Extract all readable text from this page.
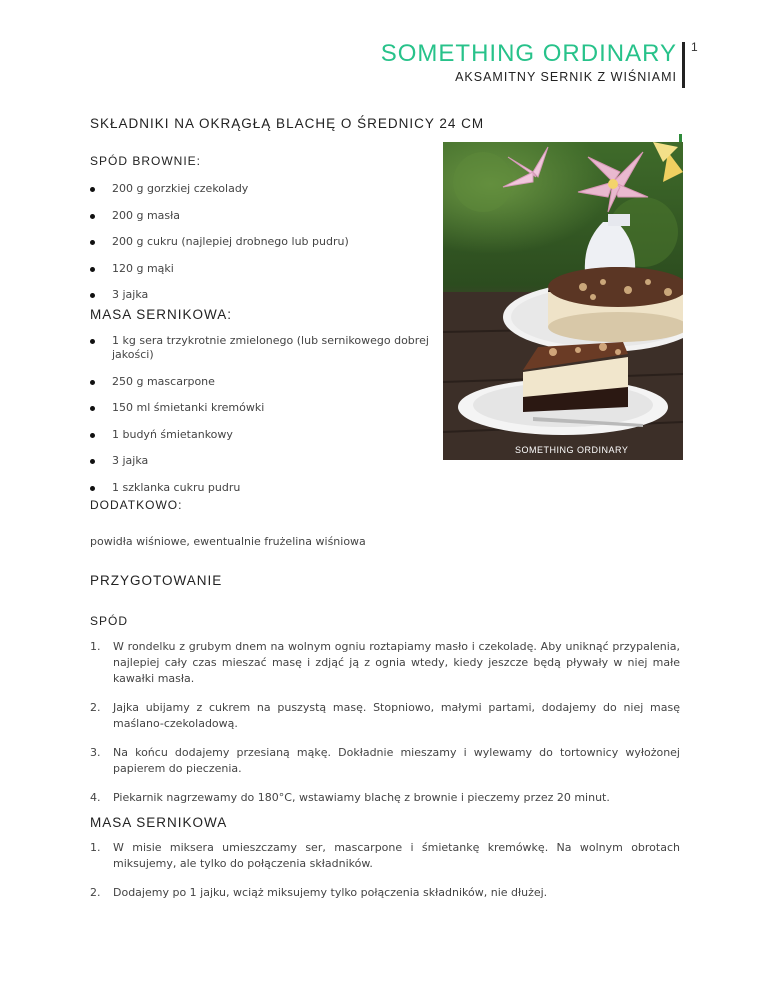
SOMETHING ORDINARY
AKSAMITNY SERNIK Z WIŚNIAMI
1
SKŁADNIKI NA OKRĄGŁĄ BLACHĘ O ŚREDNICY 24 CM
SPÓD BROWNIE:
200 g gorzkiej czekolady
200 g masła
200 g cukru (najlepiej drobnego lub pudru)
120 g mąki
3 jajka
MASA SERNIKOWA:
1 kg sera trzykrotnie zmielonego (lub sernikowego dobrej jakości)
250 g mascarpone
150 ml śmietanki kremówki
1 budyń śmietankowy
3 jajka
1 szklanka cukru pudru
DODATKOWO:
powidła wiśniowe, ewentualnie frużelina wiśniowa
SOMETHING ORDINARY
PRZYGOTOWANIE
SPÓD
1. W rondelku z grubym dnem na wolnym ogniu roztapiamy masło i czekoladę. Aby uniknąć przypalenia, najlepiej cały czas mieszać masę i zdjąć ją z ognia wtedy, kiedy jeszcze będą pływały w niej małe kawałki masła.
2. Jajka ubijamy z cukrem na puszystą masę. Stopniowo, małymi partami, dodajemy do niej masę maślano-czekoladową.
3. Na końcu dodajemy przesianą mąkę. Dokładnie mieszamy i wylewamy do tortownicy wyłożonej papierem do pieczenia.
4. Piekarnik nagrzewamy do 180°C, wstawiamy blachę z brownie i pieczemy przez 20 minut.
MASA SERNIKOWA
1. W misie miksera umieszczamy ser, mascarpone i śmietankę kremówkę. Na wolnym obrotach miksujemy, ale tylko do połączenia składników.
2. Dodajemy po 1 jajku, wciąż miksujemy tylko połączenia składników, nie dłużej.
